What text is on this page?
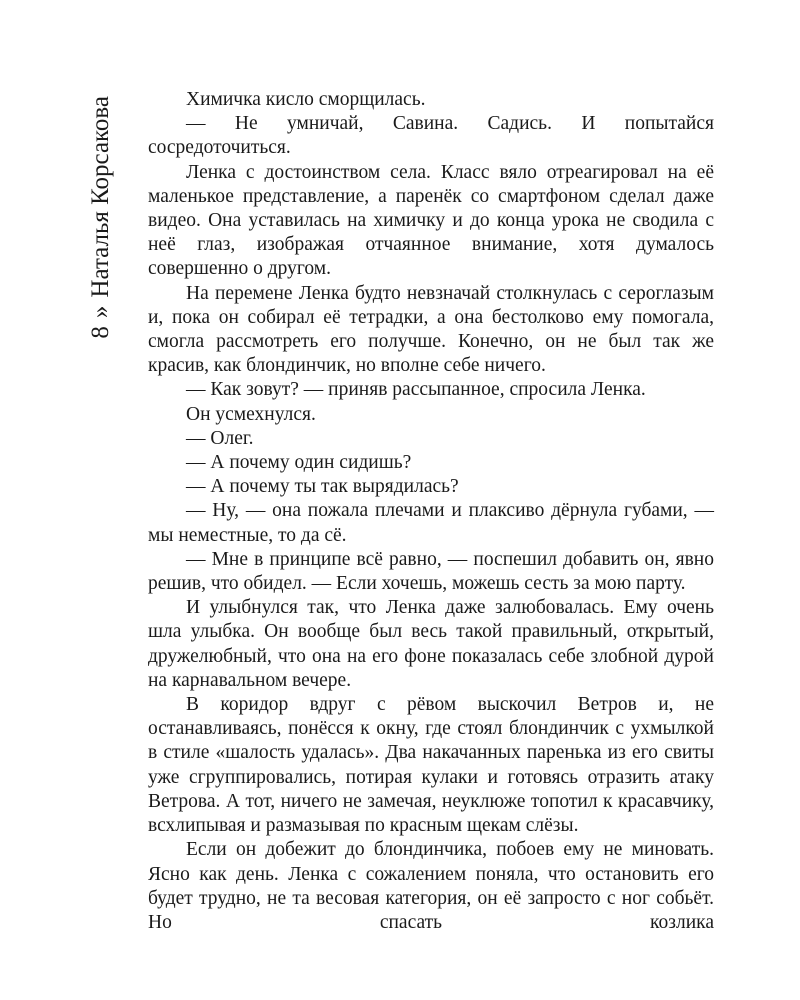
Наталья Корсакова
»
8

Химичка кисло сморщилась.

— Не умничай, Савина. Садись. И попытайся сосредоточиться.

Ленка с достоинством села. Класс вяло отреагировал на её маленькое представление, а паренёк со смартфоном сделал даже видео. Она уставилась на химичку и до конца урока не сводила с неё глаз, изображая отчаянное внимание, хотя думалось совершенно о другом.

На перемене Ленка будто невзначай столкнулась с сероглазым и, пока он собирал её тетрадки, а она бестолково ему помогала, смогла рассмотреть его получше. Конечно, он не был так же красив, как блондинчик, но вполне себе ничего.

— Как зовут? — приняв рассыпанное, спросила Ленка.

Он усмехнулся.

— Олег.

— А почему один сидишь?

— А почему ты так вырядилась?

— Ну, — она пожала плечами и плаксиво дёрнула губами, — мы неместные, то да сё.

— Мне в принципе всё равно, — поспешил добавить он, явно решив, что обидел. — Если хочешь, можешь сесть за мою парту.

И улыбнулся так, что Ленка даже залюбовалась. Ему очень шла улыбка. Он вообще был весь такой правильный, открытый, дружелюбный, что она на его фоне показалась себе злобной дурой на карнавальном вечере.

В коридор вдруг с рёвом выскочил Ветров и, не останавливаясь, понёсся к окну, где стоял блондинчик с ухмылкой в стиле «шалость удалась». Два накачанных паренька из его свиты уже сгруппировались, потирая кулаки и готовясь отразить атаку Ветрова. А тот, ничего не замечая, неуклюже топотил к красавчику, всхлипывая и размазывая по красным щекам слёзы.

Если он добежит до блондинчика, побоев ему не миновать. Ясно как день. Ленка с сожалением поняла, что остановить его будет трудно, не та весовая категория, он её запросто с ног собьёт. Но спасать козлика
